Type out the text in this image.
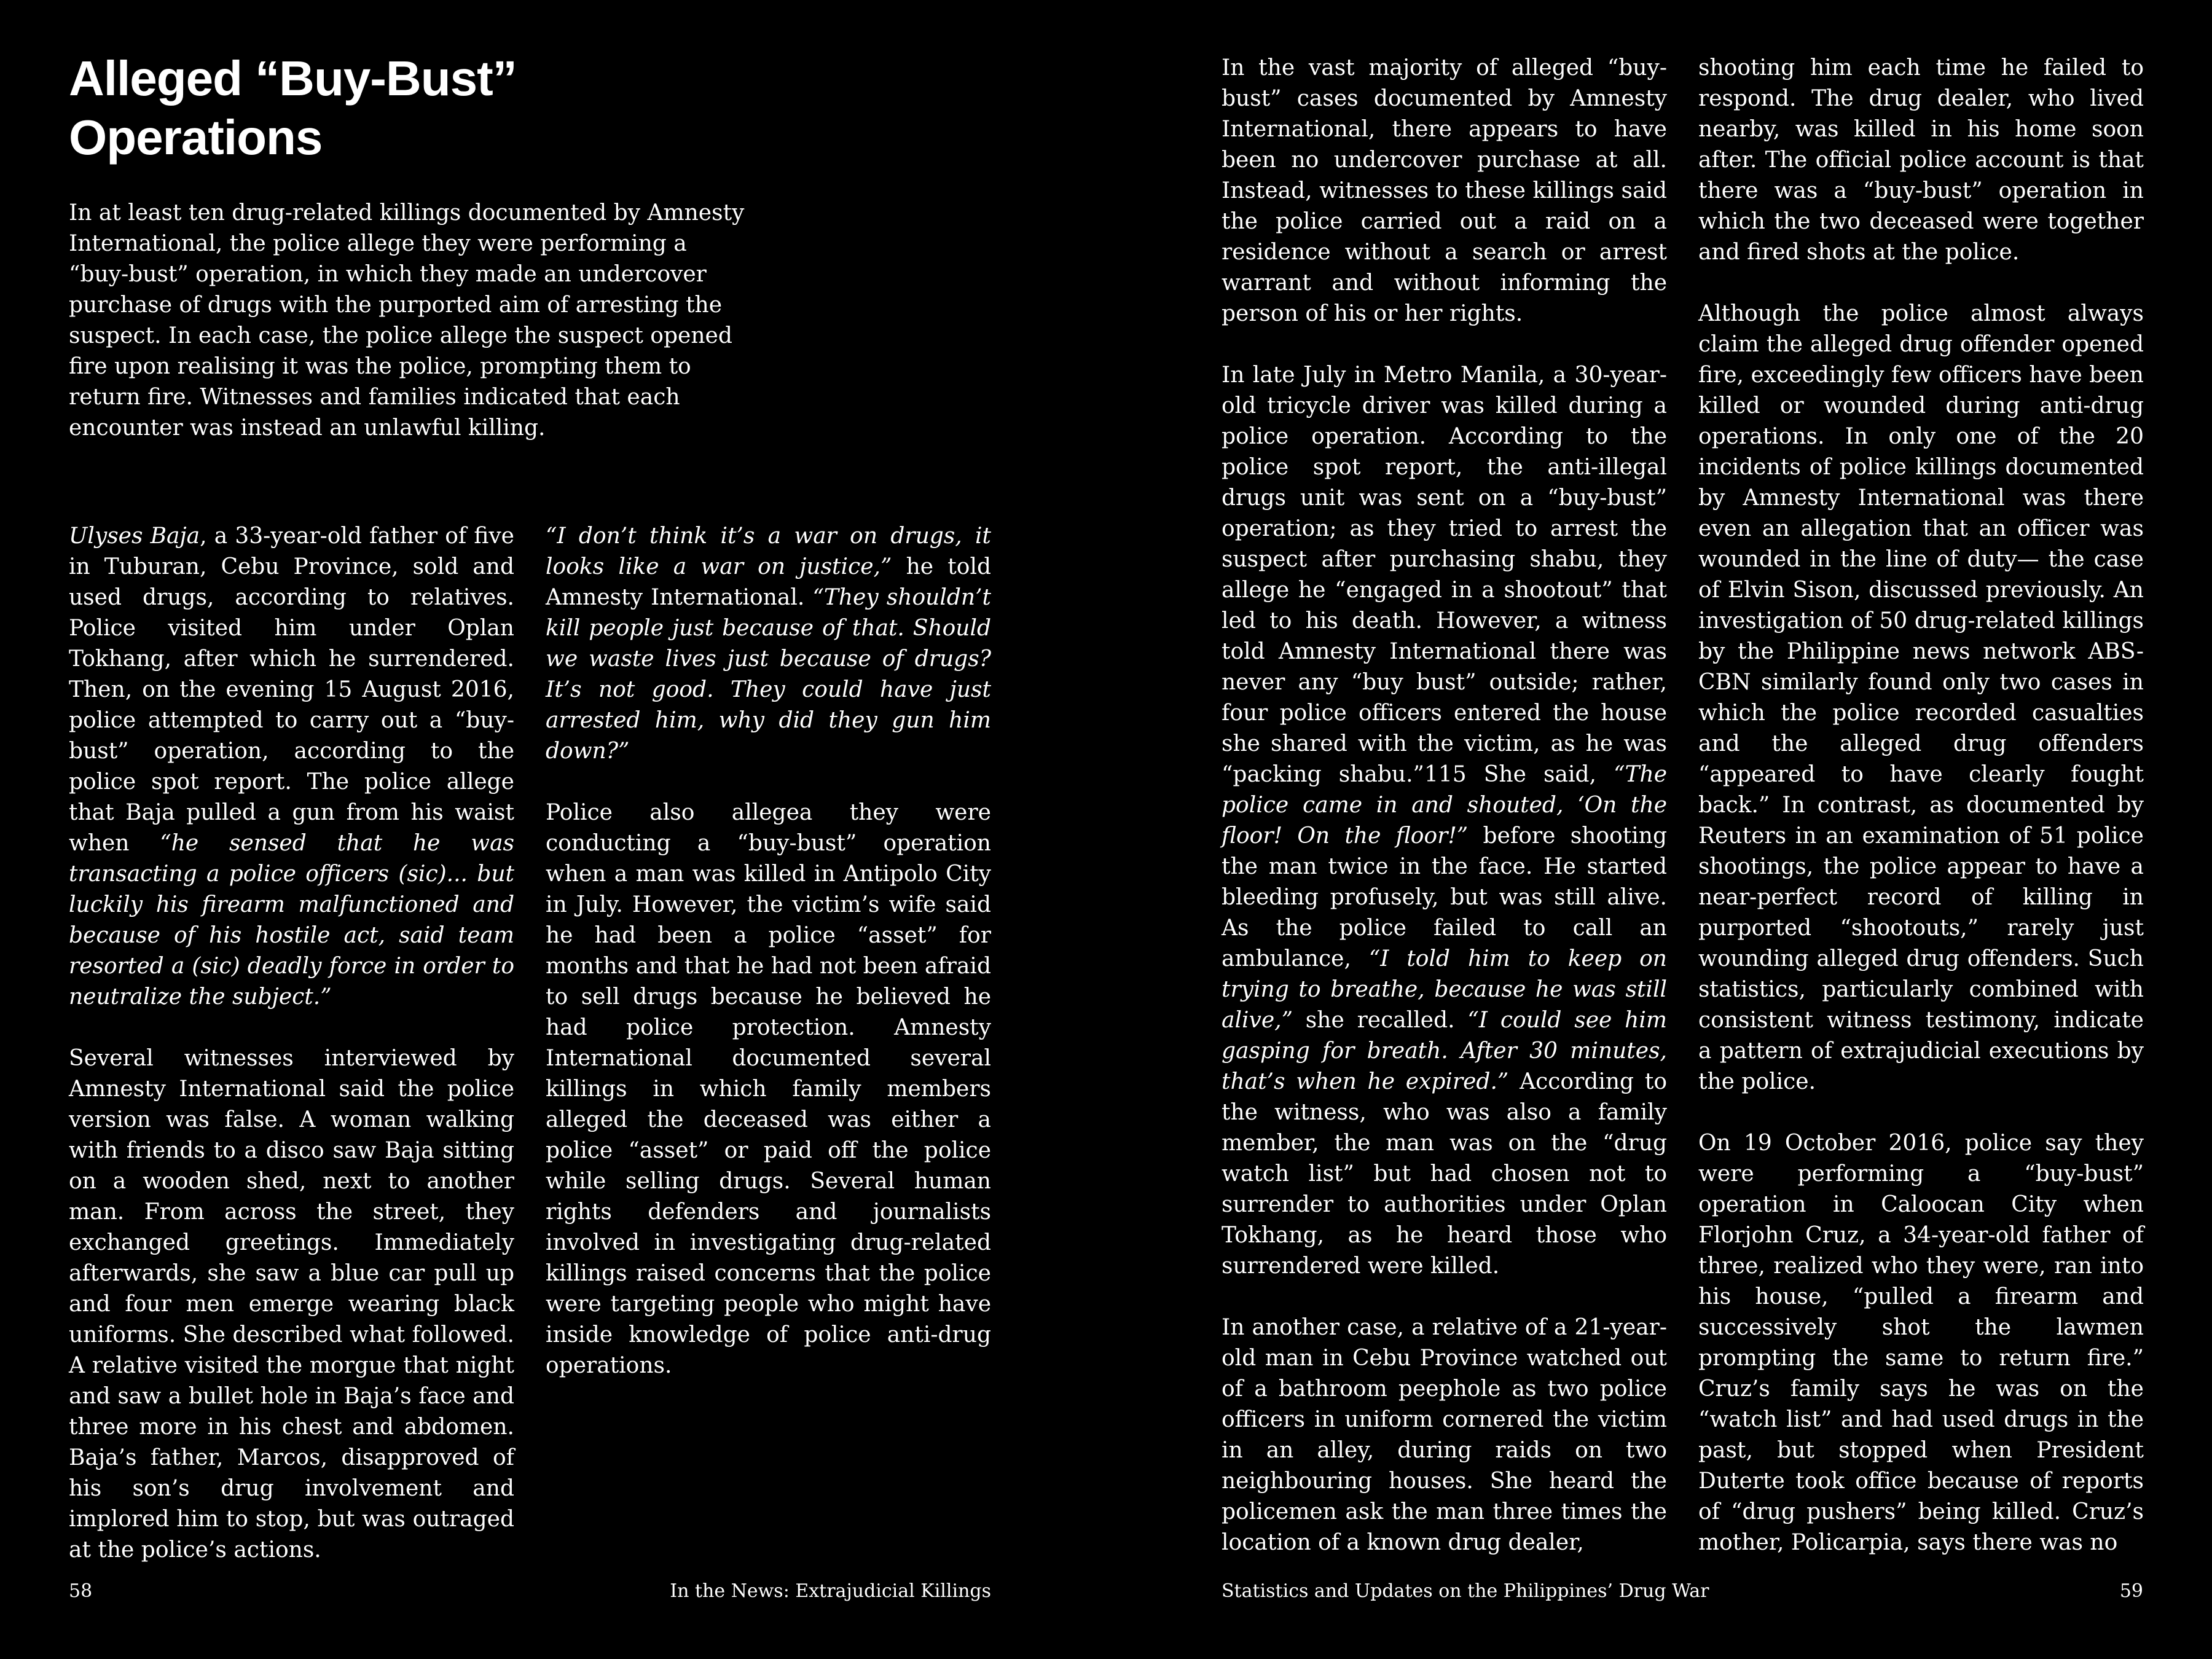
Alleged “Buy-Bust” Operations

In at least ten drug-related killings documented by Amnesty International, the police allege they were performing a “buy-bust” operation, in which they made an undercover purchase of drugs with the purported aim of arresting the suspect. In each case, the police allege the suspect opened fire upon realising it was the police, prompting them to return fire. Witnesses and families indicated that each encounter was instead an unlawful killing.

Ulyses Baja, a 33-year-old father of five in Tuburan, Cebu Province, sold and used drugs, according to relatives. Police visited him under Oplan Tokhang, after which he surrendered. Then, on the evening 15 August 2016, police attempted to carry out a “buy-bust” operation, according to the police spot report. The police allege that Baja pulled a gun from his waist when “he sensed that he was transacting a police officers (sic)... but luckily his firearm malfunctioned and because of his hostile act, said team resorted a (sic) deadly force in order to neutralize the subject.”

Several witnesses interviewed by Amnesty International said the police version was false. A woman walking with friends to a disco saw Baja sitting on a wooden shed, next to another man. From across the street, they exchanged greetings. Immediately afterwards, she saw a blue car pull up and four men emerge wearing black uniforms. She described what followed. A relative visited the morgue that night and saw a bullet hole in Baja’s face and three more in his chest and abdomen. Baja’s father, Marcos, disapproved of his son’s drug involvement and implored him to stop, but was outraged at the police’s actions.

“I don’t think it’s a war on drugs, it looks like a war on justice,” he told Amnesty International. “They shouldn’t kill people just because of that. Should we waste lives just because of drugs? It’s not good. They could have just arrested him, why did they gun him down?”

Police also allegea they were conducting a “buy-bust” operation when a man was killed in Antipolo City in July. However, the victim’s wife said he had been a police “asset” for months and that he had not been afraid to sell drugs because he believed he had police protection. Amnesty International documented several killings in which family members alleged the deceased was either a police “asset” or paid off the police while selling drugs. Several human rights defenders and journalists involved in investigating drug-related killings raised concerns that the police were targeting people who might have inside knowledge of police anti-drug operations.

58	In the News: Extrajudicial Killings

In the vast majority of alleged “buy-bust” cases documented by Amnesty International, there appears to have been no undercover purchase at all. Instead, witnesses to these killings said the police carried out a raid on a residence without a search or arrest warrant and without informing the person of his or her rights.

In late July in Metro Manila, a 30-year-old tricycle driver was killed during a police operation. According to the police spot report, the anti-illegal drugs unit was sent on a “buy-bust” operation; as they tried to arrest the suspect after purchasing shabu, they allege he “engaged in a shootout” that led to his death. However, a witness told Amnesty International there was never any “buy bust” outside; rather, four police officers entered the house she shared with the victim, as he was “packing shabu.”115 She said, “The police came in and shouted, ‘On the floor! On the floor!” before shooting the man twice in the face. He started bleeding profusely, but was still alive. As the police failed to call an ambulance, “I told him to keep on trying to breathe, because he was still alive,” she recalled. “I could see him gasping for breath. After 30 minutes, that’s when he expired.” According to the witness, who was also a family member, the man was on the “drug watch list” but had chosen not to surrender to authorities under Oplan Tokhang, as he heard those who surrendered were killed.

In another case, a relative of a 21-year-old man in Cebu Province watched out of a bathroom peephole as two police officers in uniform cornered the victim in an alley, during raids on two neighbouring houses. She heard the policemen ask the man three times the location of a known drug dealer,

shooting him each time he failed to respond. The drug dealer, who lived nearby, was killed in his home soon after. The official police account is that there was a “buy-bust” operation in which the two deceased were together and fired shots at the police.

Although the police almost always claim the alleged drug offender opened fire, exceedingly few officers have been killed or wounded during anti-drug operations. In only one of the 20 incidents of police killings documented by Amnesty International was there even an allegation that an officer was wounded in the line of duty— the case of Elvin Sison, discussed previously. An investigation of 50 drug-related killings by the Philippine news network ABS-CBN similarly found only two cases in which the police recorded casualties and the alleged drug offenders “appeared to have clearly fought back.” In contrast, as documented by Reuters in an examination of 51 police shootings, the police appear to have a near-perfect record of killing in purported “shootouts,” rarely just wounding alleged drug offenders. Such statistics, particularly combined with consistent witness testimony, indicate a pattern of extrajudicial executions by the police.

On 19 October 2016, police say they were performing a “buy-bust” operation in Caloocan City when Florjohn Cruz, a 34-year-old father of three, realized who they were, ran into his house, “pulled a firearm and successively shot the lawmen prompting the same to return fire.” Cruz’s family says he was on the “watch list” and had used drugs in the past, but stopped when President Duterte took office because of reports of “drug pushers” being killed. Cruz’s mother, Policarpia, says there was no

Statistics and Updates on the Philippines’ Drug War	59
